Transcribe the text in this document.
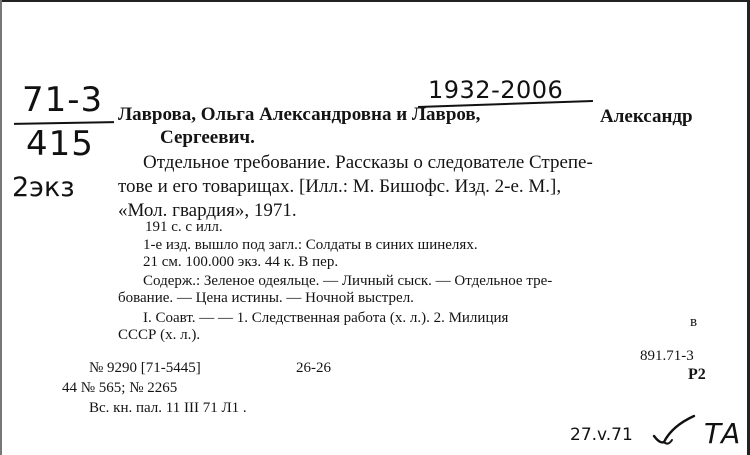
71-3
415
2экз
1932-2006
Лаврова, Ольга Александровна и Лавров,	Александр
Сергеевич.
Отдельное требование. Рассказы о следователе Стрепе-
тове и его товарищах. [Илл.: М. Бишофс. Изд. 2-е. М.],
«Мол. гвардия», 1971.
191 с. с илл.
1-е изд. вышло под загл.: Солдаты в синих шинелях.
21 см. 100.000 экз. 44 к. В пер.
Содерж.: Зеленое одеяльце. — Личный сыск. — Отдельное тре-
бование. — Цена истины. — Ночной выстрел.
I. Соавт. — — 1. Следственная работа (х. л.). 2. Милиция	в
СССР (х. л.).
891.71-3
Р2
№ 9290 [71-5445]	26-26
44 № 565; № 2265
Вс. кн. пал. 11 III 71 Л1 .
27.v.71	ТА
